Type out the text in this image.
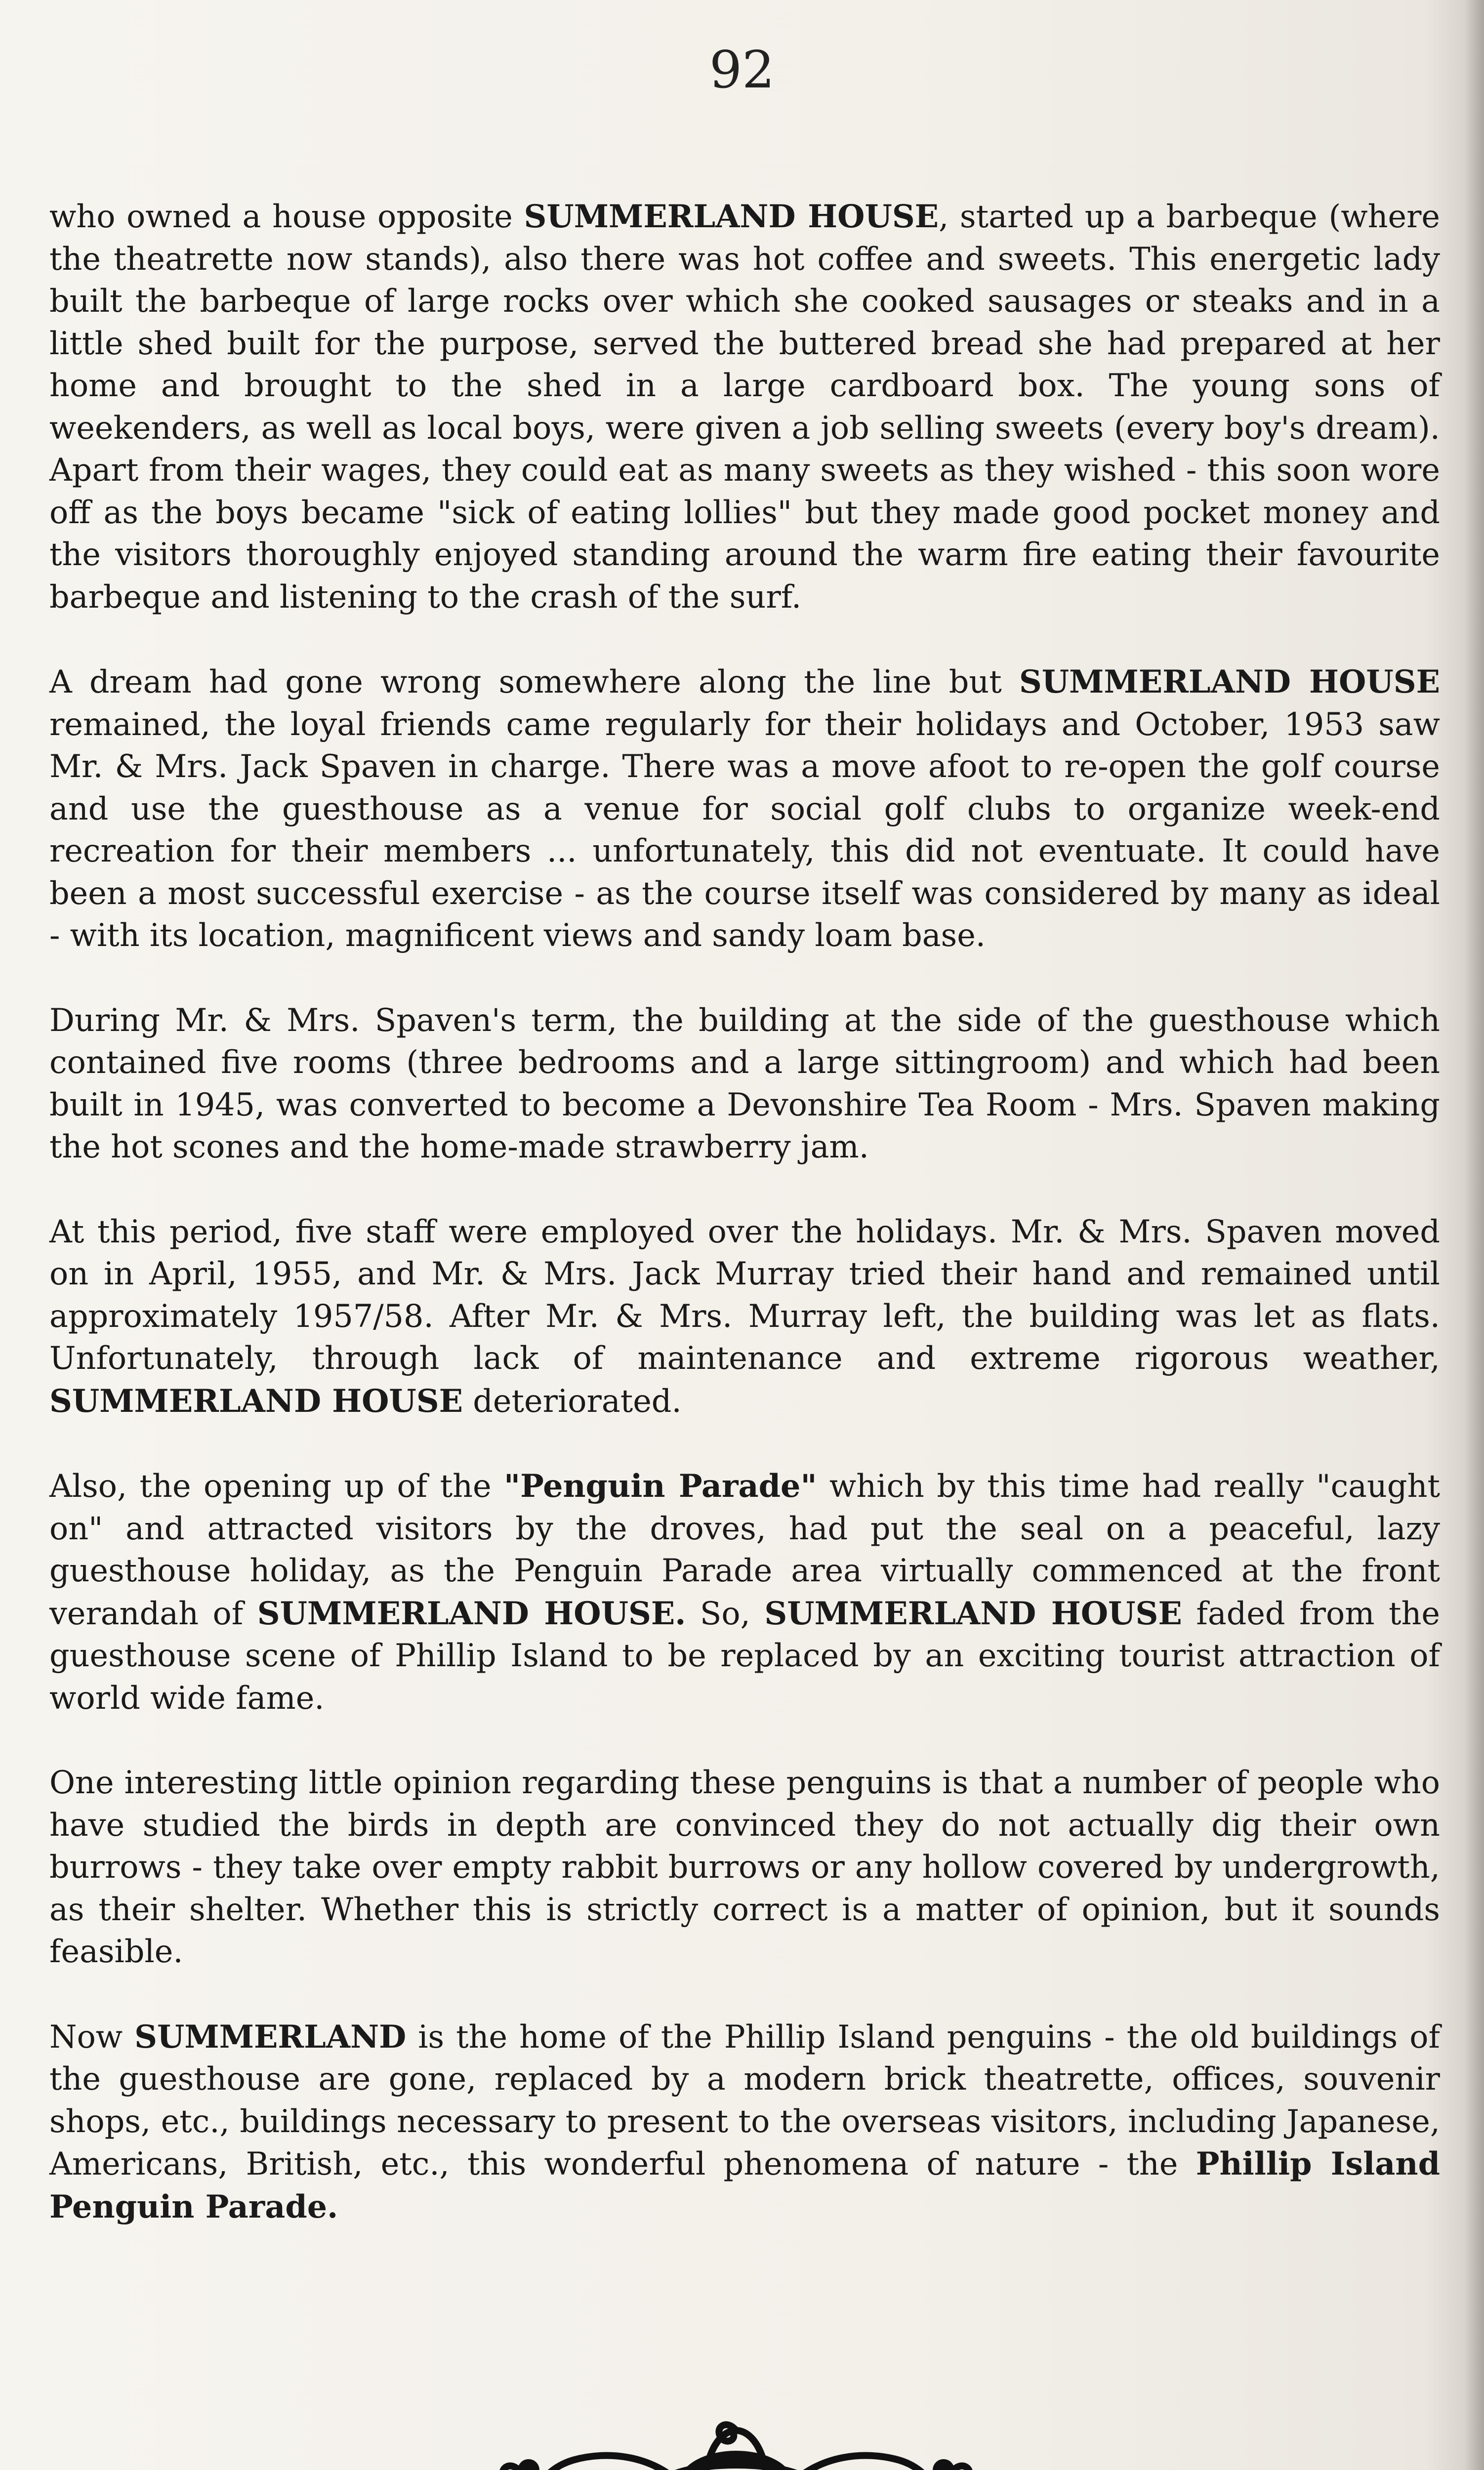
92

who owned a house opposite SUMMERLAND HOUSE, started up a barbeque (where the theatrette now stands), also there was hot coffee and sweets. This energetic lady built the barbeque of large rocks over which she cooked sausages or steaks and in a little shed built for the purpose, served the buttered bread she had prepared at her home and brought to the shed in a large cardboard box. The young sons of weekenders, as well as local boys, were given a job selling sweets (every boy's dream). Apart from their wages, they could eat as many sweets as they wished - this soon wore off as the boys became "sick of eating lollies" but they made good pocket money and the visitors thoroughly enjoyed standing around the warm fire eating their favourite barbeque and listening to the crash of the surf.

A dream had gone wrong somewhere along the line but SUMMERLAND HOUSE remained, the loyal friends came regularly for their holidays and October, 1953 saw Mr. & Mrs. Jack Spaven in charge. There was a move afoot to re-open the golf course and use the guesthouse as a venue for social golf clubs to organize week-end recreation for their members ... unfortunately, this did not eventuate. It could have been a most successful exercise - as the course itself was considered by many as ideal - with its location, magnificent views and sandy loam base.

During Mr. & Mrs. Spaven's term, the building at the side of the guesthouse which contained five rooms (three bedrooms and a large sittingroom) and which had been built in 1945, was converted to become a Devonshire Tea Room - Mrs. Spaven making the hot scones and the home-made strawberry jam.

At this period, five staff were employed over the holidays. Mr. & Mrs. Spaven moved on in April, 1955, and Mr. & Mrs. Jack Murray tried their hand and remained until approximately 1957/58. After Mr. & Mrs. Murray left, the building was let as flats. Unfortunately, through lack of maintenance and extreme rigorous weather, SUMMERLAND HOUSE deteriorated.

Also, the opening up of the "Penguin Parade" which by this time had really "caught on" and attracted visitors by the droves, had put the seal on a peaceful, lazy guesthouse holiday, as the Penguin Parade area virtually commenced at the front verandah of SUMMERLAND HOUSE. So, SUMMERLAND HOUSE faded from the guesthouse scene of Phillip Island to be replaced by an exciting tourist attraction of world wide fame.

One interesting little opinion regarding these penguins is that a number of people who have studied the birds in depth are convinced they do not actually dig their own burrows - they take over empty rabbit burrows or any hollow covered by undergrowth, as their shelter. Whether this is strictly correct is a matter of opinion, but it sounds feasible.

Now SUMMERLAND is the home of the Phillip Island penguins - the old buildings of the guesthouse are gone, replaced by a modern brick theatrette, offices, souvenir shops, etc., buildings necessary to present to the overseas visitors, including Japanese, Americans, British, etc., this wonderful phenomena of nature - the Phillip Island Penguin Parade.
